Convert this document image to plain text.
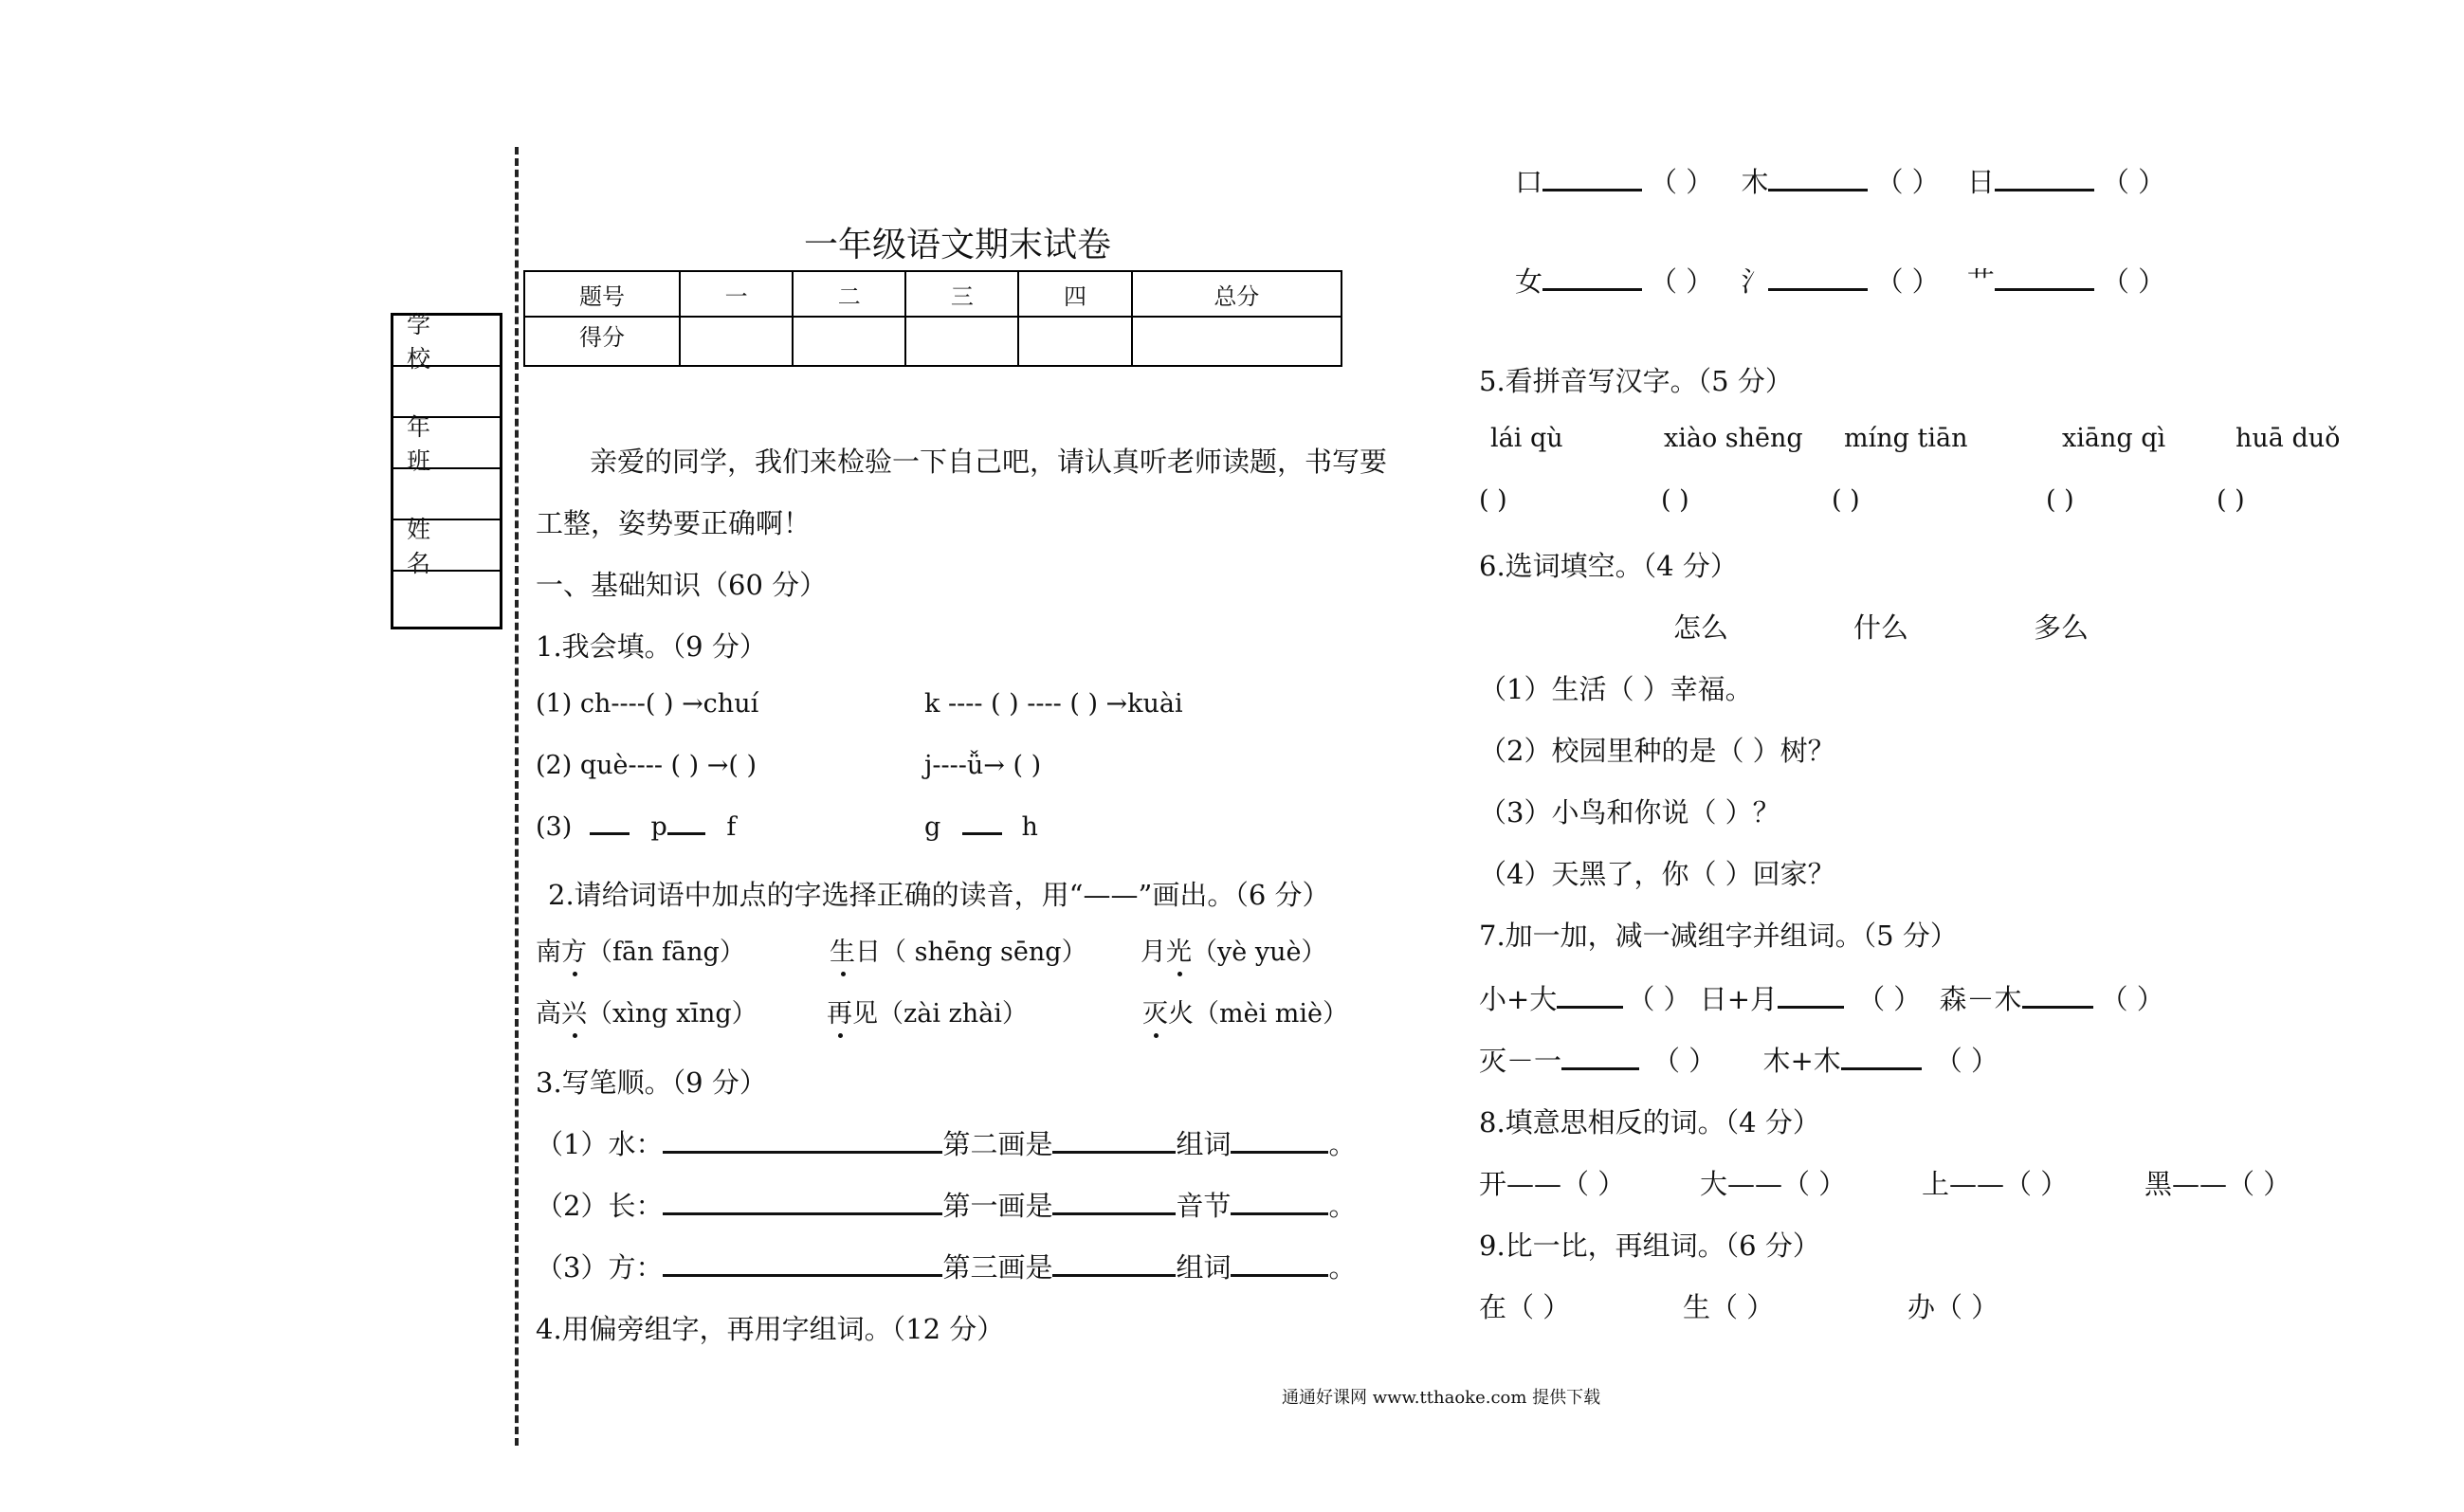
学 校
年 班
姓 名
一年级语文期末试卷
题号	一	二	三	四	总分
得分					
亲爱的同学，我们来检验一下自己吧，请认真听老师读题，书写要
工整，姿势要正确啊！
一、基础知识（60 分）
1.我会填。（9 分）
(1) ch----( ) →chuí	k ---- ( ) ---- ( ) →kuài
(2) què---- ( ) →( )	j----ǚ→ ( )
(3)	p f	g	h
2.请给词语中加点的字选择正确的读音，用“——”画出。（6 分）
南方（fān fāng）	生日（ shēng sēng） 月光（yè yuè）
高兴（xìng xīng）	再见（zài zhài）	灭火（mèi miè）
3.写笔顺。（9 分）
（1）水：	第二画是	组词	。
（2）长：	第一画是	音节	。
（3）方：	第三画是	组词	。
4.用偏旁组字，再用字组词。（12 分）
口	（ ） 木	（ ） 日	（ ）
女	（ ） 氵	（ ） 艹	（ ）
5.看拼音写汉字。（5 分）
lái qù	xiào shēng míng tiān	xiāng qì	huā duǒ
( )	( )	( )	( )	( )
6.选词填空。（4 分）
怎么	什么	多么
（1）生活（ ）幸福。
（2）校园里种的是（ ）树？
（3）小鸟和你说（ ）？
（4）天黑了，你（ ）回家？
7.加一加，减一减组字并组词。（5 分）
小+大	（ ） 日+月	（ ） 森－木	（ ）
灭－一	（ ） 木+木	（ ）
8.填意思相反的词。（4 分）
开——（ ）	大——（ ）	上——（ ）	黑——（ ）
9.比一比，再组词。（6 分）
在（ ）	生（ ）	办（ ）
通通好课网 www.tthaoke.com 提供下载
